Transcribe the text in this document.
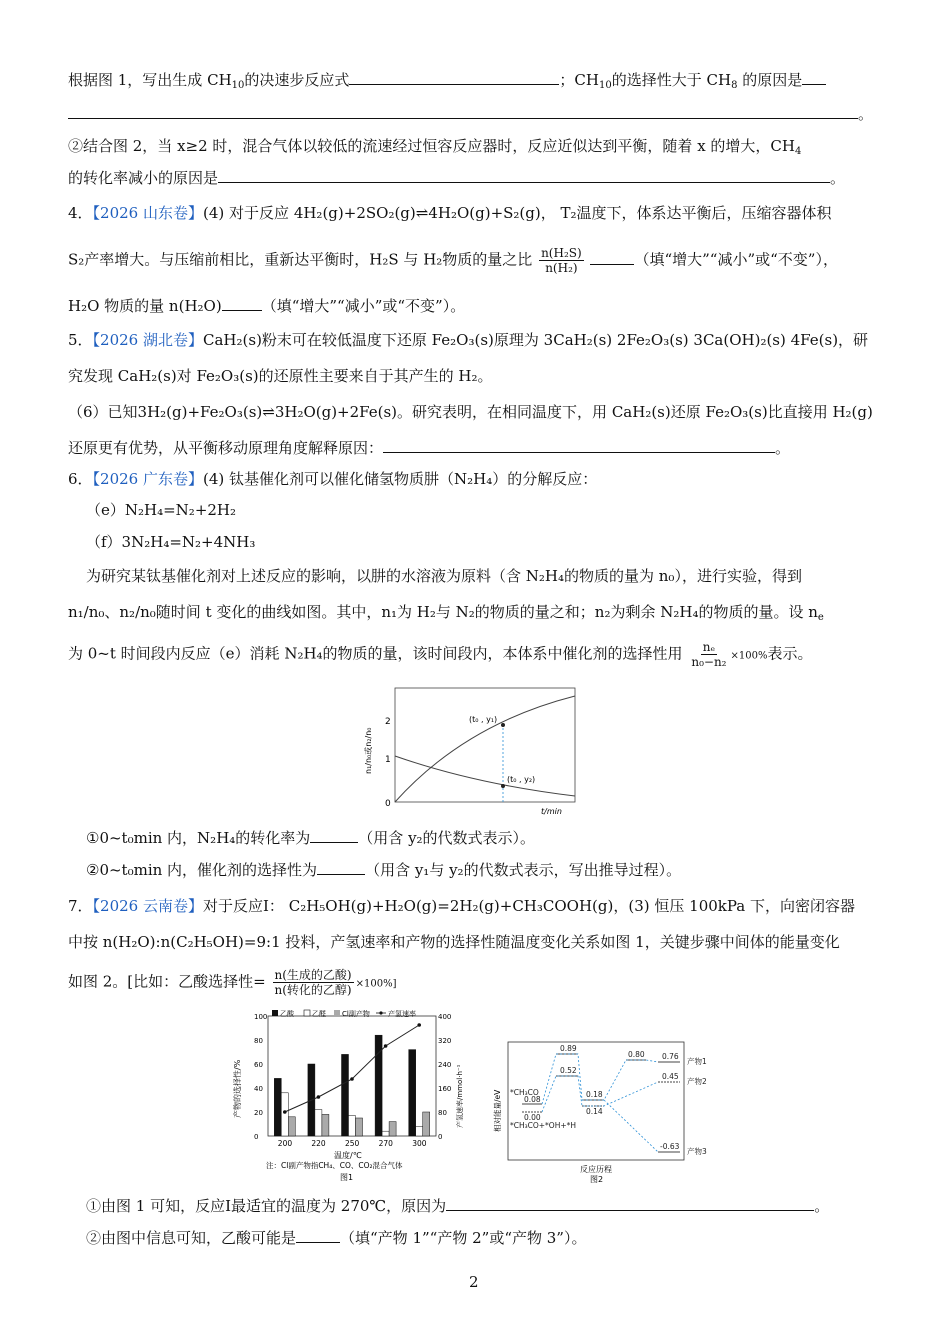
根据图 1，写出生成 $CH_{10}$的决速步反应式	；$CH_{10}$的选择性大于 $CH_8$ 的原因是
。
②结合图 2，当 x≥2 时，混合气体以较低的流速经过恒容反应器时，反应近似达到平衡，随着 x 的增大，$CH_4$
的转化率减小的原因是	。
4．【2026 山东卷】(4) 对于反应 4H₂(g)+2SO₂(g)⇌4H₂O(g)+S₂(g)， T₂温度下，体系达平衡后，压缩容器体积
S₂产率增大。与压缩前相比，重新达平衡时，H₂S 与 H₂物质的量之比 $\frac{\text{n(H₂S)}}{\text{n(H₂)}}$	（填“增大”“减小”或“不变”），
H₂O 物质的量 n(H₂O)	（填“增大”“减小”或“不变”）。
5．【2026 湖北卷】CaH₂(s)粉末可在较低温度下还原 Fe₂O₃(s)原理为 3CaH₂(s) 2Fe₂O₃(s) 3Ca(OH)₂(s) 4Fe(s)，研
究发现 CaH₂(s)对 Fe₂O₃(s)的还原性主要来自于其产生的 H₂。
（6）已知3H₂(g)+Fe₂O₃(s)⇌3H₂O(g)+2Fe(s)。研究表明，在相同温度下，用 CaH₂(s)还原 Fe₂O₃(s)比直接用 H₂(g)
还原更有优势，从平衡移动原理角度解释原因：	。
6．【2026 广东卷】(4) 钛基催化剂可以催化储氢物质肼（N₂H₄）的分解反应：
（e）N₂H₄=N₂+2H₂
（f）3N₂H₄=N₂+4NH₃
为研究某钛基催化剂对上述反应的影响，以肼的水溶液为原料（含 N₂H₄的物质的量为 n₀），进行实验，得到
n₁/n₀、n₂/n₀随时间 t 变化的曲线如图。其中，n₁为 H₂与 N₂的物质的量之和；n₂为剩余 N₂H₄的物质的量。设 $n_e$
为 0~t 时间段内反应（e）消耗 N₂H₄的物质的量，该时间段内，本体系中催化剂的选择性用 $\frac{\text{nₑ}}{\text{n₀−n₂}} \times 100\%$表示。
(t₀ , y₁)
(t₀ , y₂)
0
1
2
t/min
n₁/n₀或n₂/n₀
①0~t₀min 内，N₂H₄的转化率为	（用含 y₂的代数式表示）。
②0~t₀min 内，催化剂的选择性为	（用含 y₁与 y₂的代数式表示，写出推导过程）。
7．【2026 云南卷】对于反应Ⅰ： C₂H₅OH(g)+H₂O(g)=2H₂(g)+CH₃COOH(g)，(3) 恒压 100kPa 下，向密闭容器
中按 n(H₂O):n(C₂H₅OH)=9:1 投料，产氢速率和产物的选择性随温度变化关系如图 1，关键步骤中间体的能量变化
如图 2。[比如：乙酸选择性= $\frac{\text{n(生成的乙酸)}}{\text{n(转化的乙醇)}} \times 100\%$]
0
20
40
60
80
100
0
80
160
240
320
400
200	220	250	270	300
乙酸	乙醛 Cl副产物	产氢速率
温度/℃
产物的选择性/%	产氢速率/mmol·h⁻¹
注：Cl副产物指CH₄、CO、CO₂混合气体
图1
0.89
0.52
0.08
0.00
0.18
0.14
0.80 0.76
0.45
-0.63
*CH₃CO
*CH₃CO+*OH+*H
产物1
产物2
产物3
相对能量/eV
反应历程
图2
①由图 1 可知，反应Ⅰ最适宜的温度为 270℃，原因为	。
②由图中信息可知，乙酸可能是	（填“产物 1”“产物 2”或“产物 3”）。
2
